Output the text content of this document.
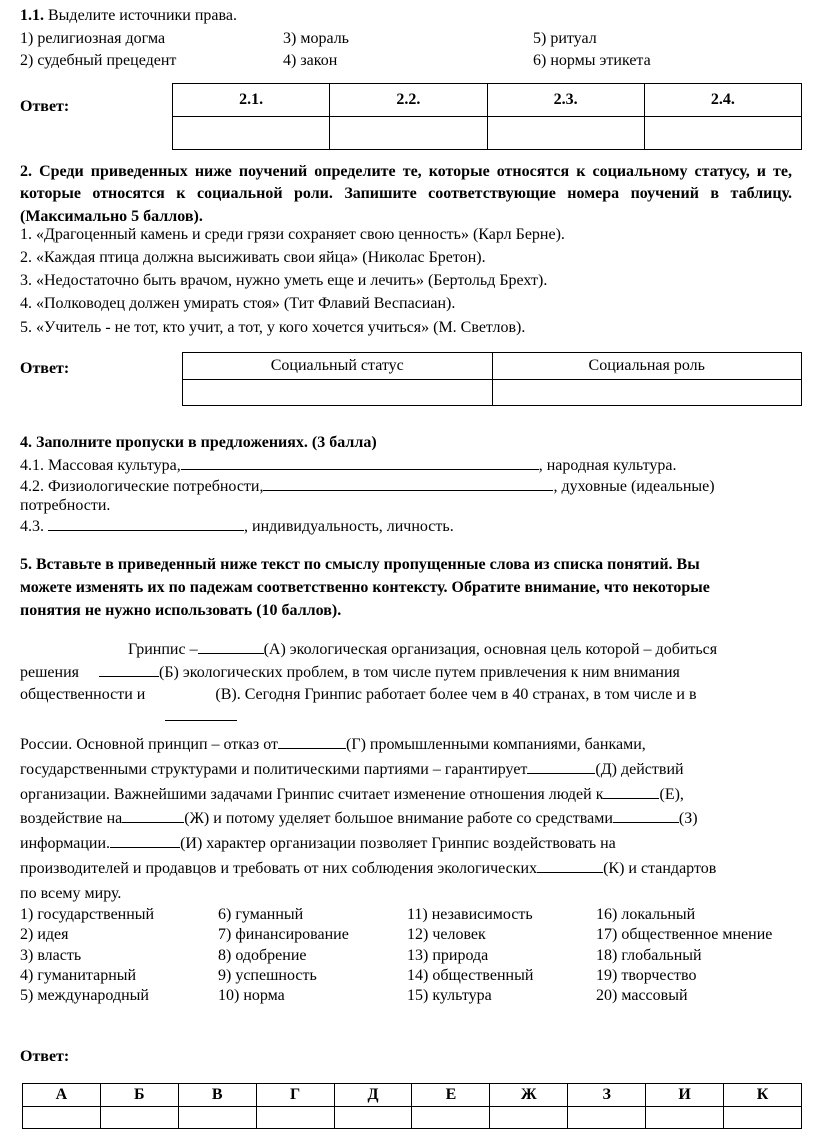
1.1. Выделите источники права.
1) религиозная догма	3) мораль	5) ритуал
2) судебный прецедент	4) закон	6) нормы этикета
Ответ:	2.1.	2.2.	2.3.	2.4.

2. Среди приведенных ниже поучений определите те, которые относятся к социальному статусу, и те, которые относятся к социальной роли. Запишите соответствующие номера поучений в таблицу. (Максимально 5 баллов).
1. «Драгоценный камень и среди грязи сохраняет свою ценность» (Карл Берне).
2. «Каждая птица должна высиживать свои яйца» (Николас Бретон).
3. «Недостаточно быть врачом, нужно уметь еще и лечить» (Бертольд Брехт).
4. «Полководец должен умирать стоя» (Тит Флавий Веспасиан).
5. «Учитель - не тот, кто учит, а тот, у кого хочется учиться» (М. Светлов).
Ответ:	Социальный статус	Социальная роль

4. Заполните пропуски в предложениях. (3 балла)
4.1. Массовая культура,	, народная культура.
4.2. Физиологические потребности,	, духовные (идеальные)
потребности.
4.3.	, индивидуальность, личность.
5. Вставьте в приведенный ниже текст по смыслу пропущенные слова из списка понятий. Вы
можете изменять их по падежам соответственно контексту. Обратите внимание, что некоторые
понятия не нужно использовать (10 баллов).
Гринпис –	(А) экологическая организация, основная цель которой – добиться
решения	(Б) экологических проблем, в том числе путем привлечения к ним внимания
общественности и	(В). Сегодня Гринпис работает более чем в 40 странах, в том числе и в
России. Основной принцип – отказ от	(Г) промышленными компаниями, банками,
государственными структурами и политическими партиями – гарантирует	(Д) действий
организации. Важнейшими задачами Гринпис считает изменение отношения людей к	(Е),
воздействие на	(Ж) и потому уделяет большое внимание работе со средствами	(З)
информации.	(И) характер организации позволяет Гринпис воздействовать на
производителей и продавцов и требовать от них соблюдения экологических	(К) и стандартов
по всему миру.
1) государственный
2) идея
3) власть
4) гуманитарный
5) международный
6) гуманный
7) финансирование
8) одобрение
9) успешность
10) норма
11) независимость
12) человек
13) природа
14) общественный
15) культура
16) локальный
17) общественное мнение
18) глобальный
19) творчество
20) массовый
Ответ:
А	Б	В	Г	Д	Е	Ж	З	И	К
